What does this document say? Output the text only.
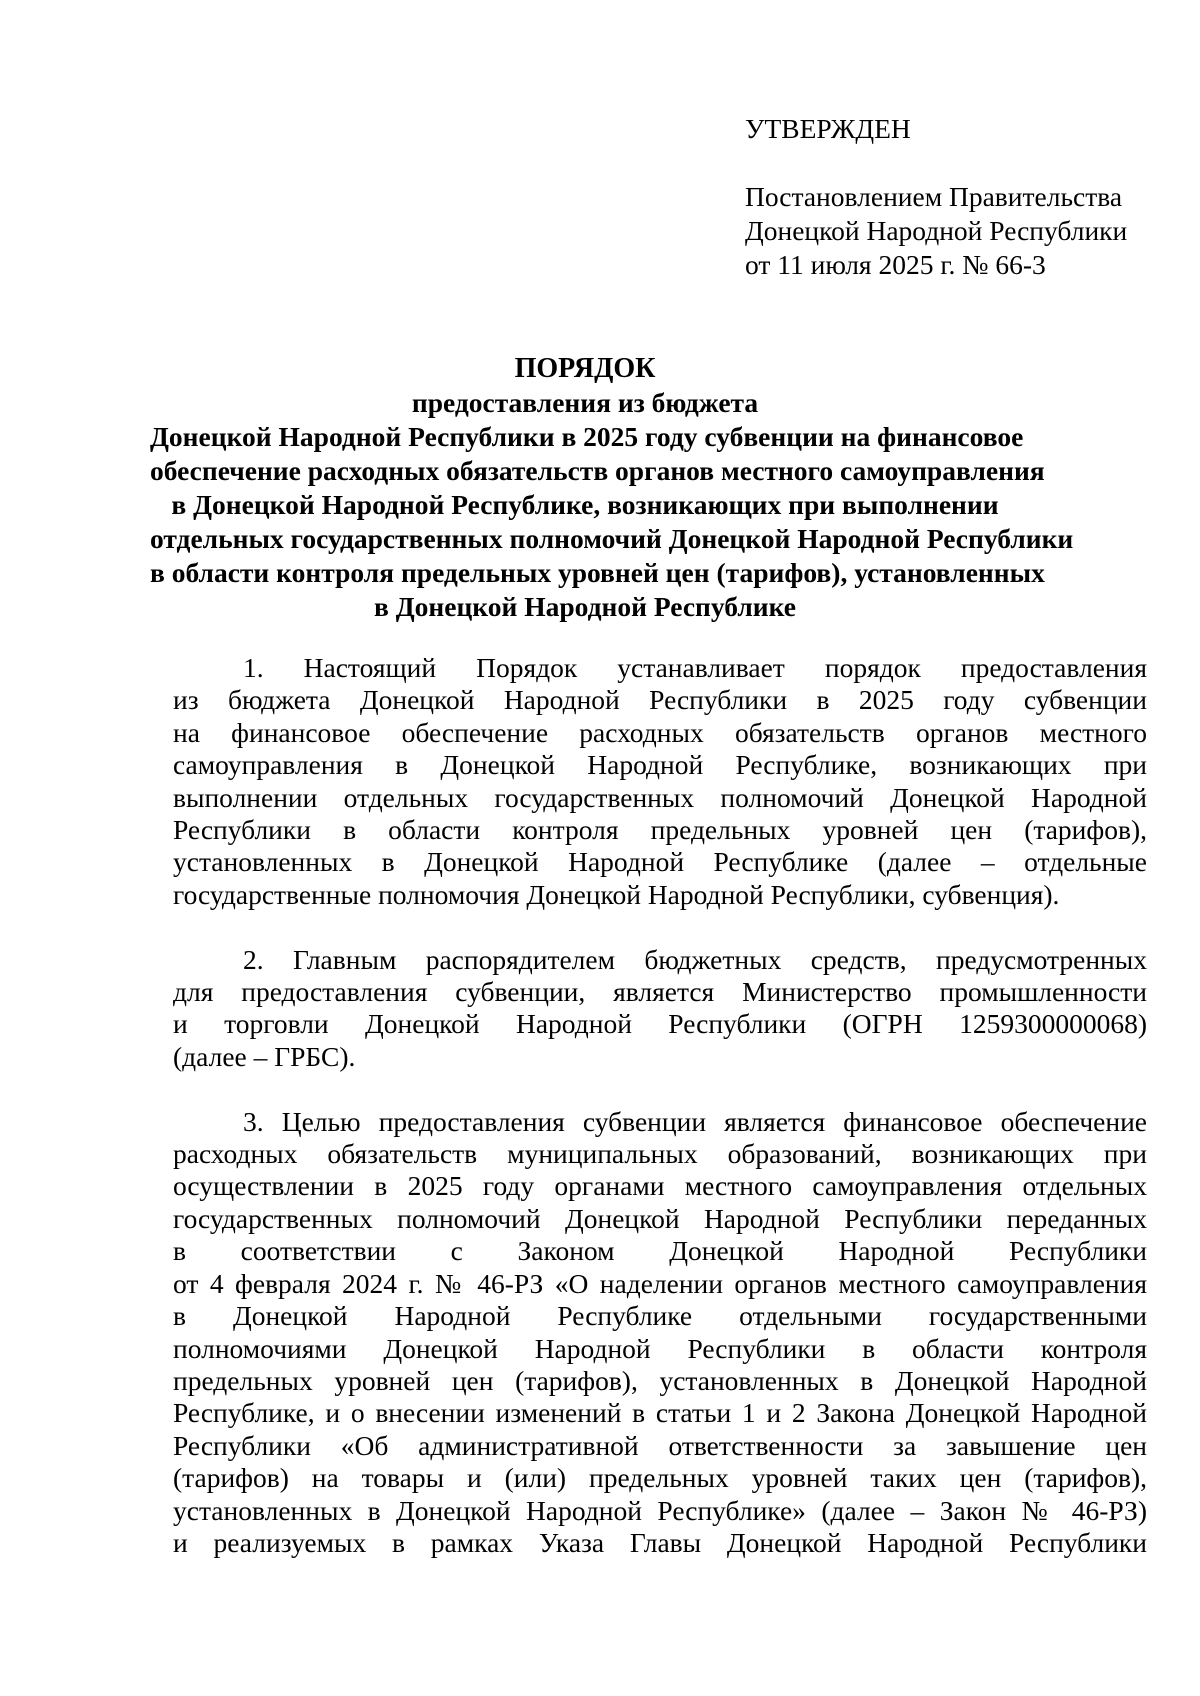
УТВЕРЖДЕН
Постановлением Правительства
Донецкой Народной Республики
от 11 июля 2025 г. № 66-3
ПОРЯДОК
предоставления из бюджета
Донецкой Народной Республики в 2025 году субвенции на финансовое
обеспечение расходных обязательств органов местного самоуправления
в Донецкой Народной Республике, возникающих при выполнении
отдельных государственных полномочий Донецкой Народной Республики
в области контроля предельных уровней цен (тарифов), установленных
в Донецкой Народной Республике
1. Настоящий Порядок устанавливает порядок предоставления
из бюджета Донецкой Народной Республики в 2025 году субвенции
на финансовое обеспечение расходных обязательств органов местного
самоуправления в Донецкой Народной Республике, возникающих при
выполнении отдельных государственных полномочий Донецкой Народной
Республики в области контроля предельных уровней цен (тарифов),
установленных в Донецкой Народной Республике (далее – отдельные
государственные полномочия Донецкой Народной Республики, субвенция).
2. Главным распорядителем бюджетных средств, предусмотренных
для предоставления субвенции, является Министерство промышленности
и торговли Донецкой Народной Республики (ОГРН 1259300000068)
(далее – ГРБС).
3. Целью предоставления субвенции является финансовое обеспечение
расходных обязательств муниципальных образований, возникающих при
осуществлении в 2025 году органами местного самоуправления отдельных
государственных полномочий Донецкой Народной Республики переданных
в соответствии с Законом Донецкой Народной Республики
от 4 февраля 2024 г. № 46-РЗ «О наделении органов местного самоуправления
в Донецкой Народной Республике отдельными государственными
полномочиями Донецкой Народной Республики в области контроля
предельных уровней цен (тарифов), установленных в Донецкой Народной
Республике, и о внесении изменений в статьи 1 и 2 Закона Донецкой Народной
Республики «Об административной ответственности за завышение цен
(тарифов) на товары и (или) предельных уровней таких цен (тарифов),
установленных в Донецкой Народной Республике» (далее – Закон № 46-РЗ)
и реализуемых в рамках Указа Главы Донецкой Народной Республики
